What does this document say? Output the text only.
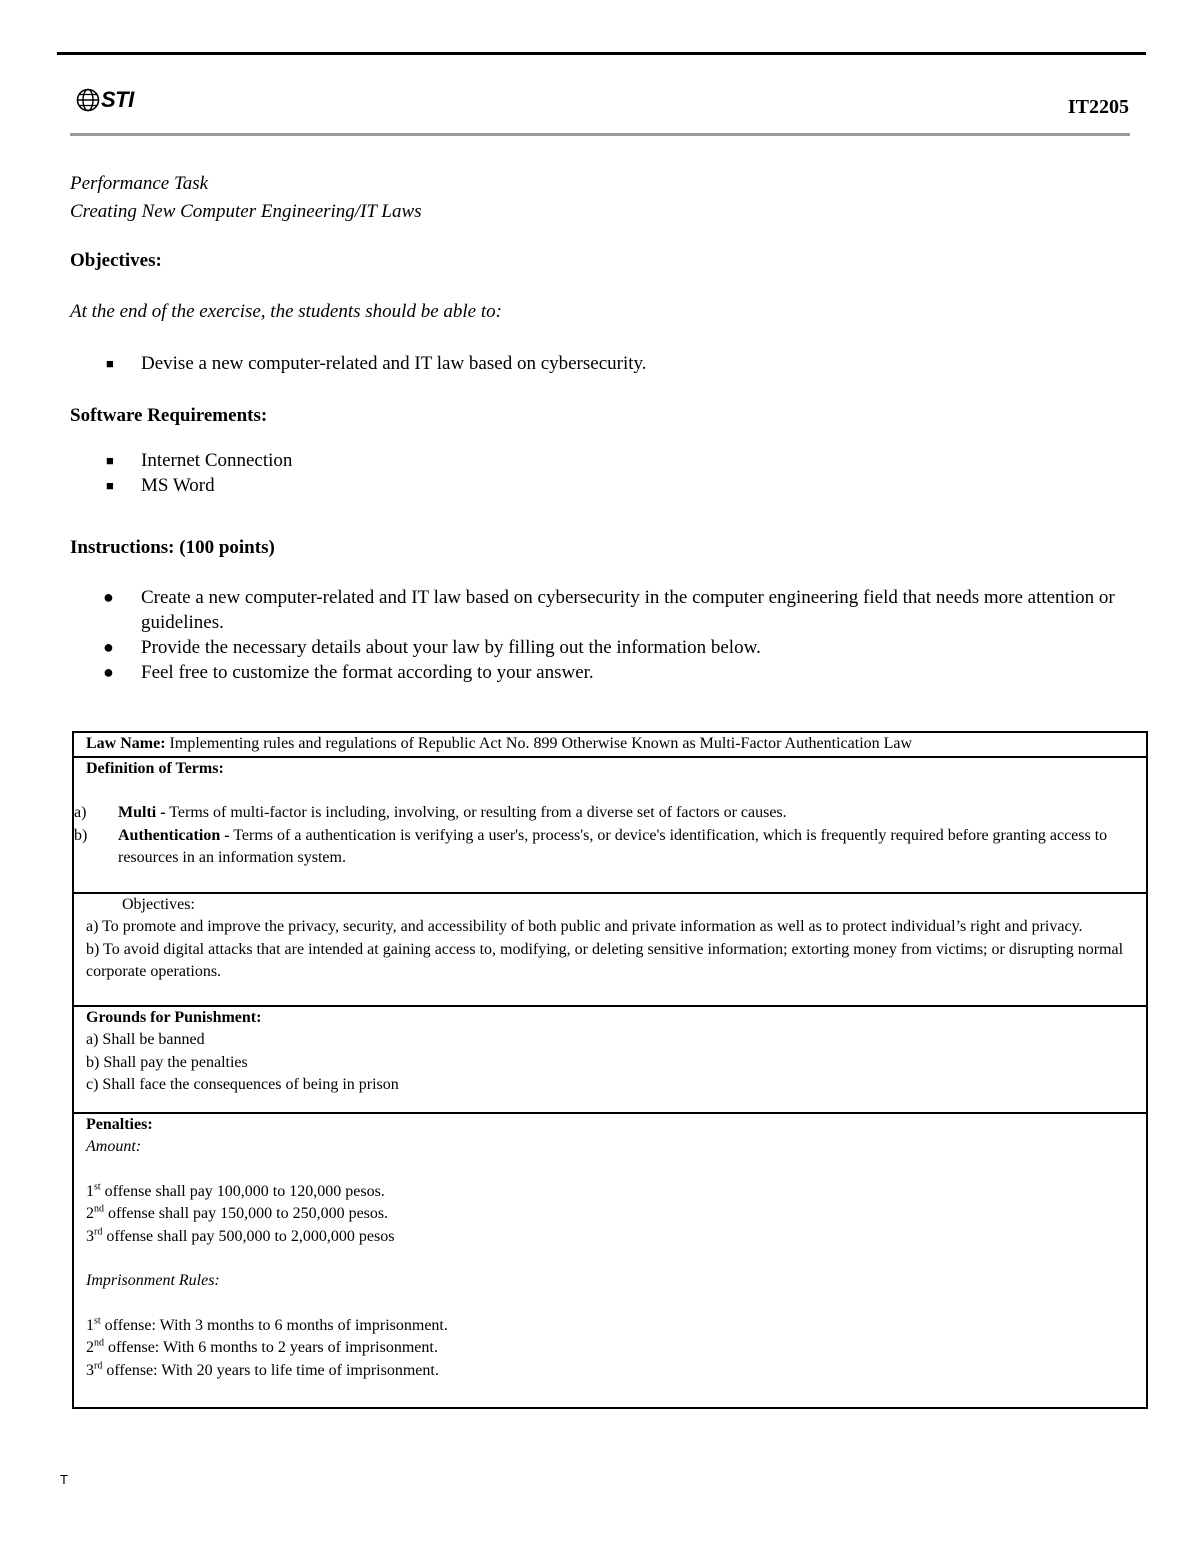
STI	IT2205
Performance Task
Creating New Computer Engineering/IT Laws
Objectives:
At the end of the exercise, the students should be able to:
■ Devise a new computer-related and IT law based on cybersecurity.
Software Requirements:
■ Internet Connection
■ MS Word
Instructions: (100 points)
● Create a new computer-related and IT law based on cybersecurity in the computer engineering field that needs more attention or guidelines.
● Provide the necessary details about your law by filling out the information below.
● Feel free to customize the format according to your answer.
Law Name: Implementing rules and regulations of Republic Act No. 899 Otherwise Known as Multi-Factor Authentication Law
Definition of Terms:
a) Multi - Terms of multi-factor is including, involving, or resulting from a diverse set of factors or causes.
b) Authentication - Terms of a authentication is verifying a user's, process's, or device's identification, which is frequently required before granting access to resources in an information system.
Objectives:
a) To promote and improve the privacy, security, and accessibility of both public and private information as well as to protect individual’s right and privacy.
b) To avoid digital attacks that are intended at gaining access to, modifying, or deleting sensitive information; extorting money from victims; or disrupting normal corporate operations.
Grounds for Punishment:
a) Shall be banned
b) Shall pay the penalties
c) Shall face the consequences of being in prison
Penalties:
Amount:
1st offense shall pay 100,000 to 120,000 pesos.
2nd offense shall pay 150,000 to 250,000 pesos.
3rd offense shall pay 500,000 to 2,000,000 pesos
Imprisonment Rules:
1st offense: With 3 months to 6 months of imprisonment.
2nd offense: With 6 months to 2 years of imprisonment.
3rd offense: With 20 years to life time of imprisonment.
T
